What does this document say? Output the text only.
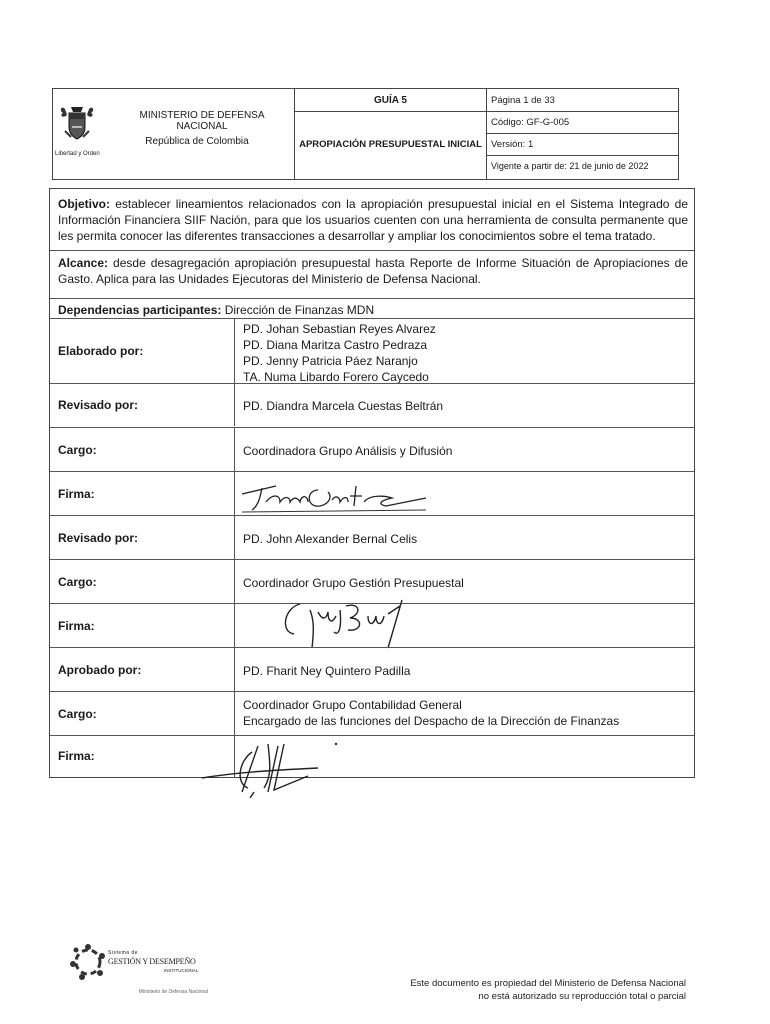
Libertad y Orden
MINISTERIO DE DEFENSA NACIONAL
República de Colombia
GUÍA 5
APROPIACIÓN PRESUPUESTAL INICIAL
Página 1 de 33
Código: GF-G-005
Versión: 1
Vigente a partir de: 21 de junio de 2022
Objetivo: establecer lineamientos relacionados con la apropiación presupuestal inicial en el Sistema Integrado de Información Financiera SIIF Nación, para que los usuarios cuenten con una herramienta de consulta permanente que les permita conocer las diferentes transacciones a desarrollar y ampliar los conocimientos sobre el tema tratado.
Alcance: desde desagregación apropiación presupuestal hasta Reporte de Informe Situación de Apropiaciones de Gasto. Aplica para las Unidades Ejecutoras del Ministerio de Defensa Nacional.
Dependencias participantes: Dirección de Finanzas MDN
Elaborado por:
PD. Johan Sebastian Reyes Alvarez
PD. Diana Maritza Castro Pedraza
PD. Jenny Patricia Páez Naranjo
TA. Numa Libardo Forero Caycedo
Revisado por:	PD. Diandra Marcela Cuestas Beltrán
Cargo:	Coordinadora Grupo Análisis y Difusión
Firma:
Revisado por:	PD. John Alexander Bernal Celis
Cargo:	Coordinador Grupo Gestión Presupuestal
Firma:
Aprobado por:	PD. Fharit Ney Quintero Padilla
Cargo:
Coordinador Grupo Contabilidad General
Encargado de las funciones del Despacho de la Dirección de Finanzas
Firma:
Sistema de
GESTIÓN Y DESEMPEÑO
INSTITUCIONAL
Ministerio de Defensa Nacional
Este documento es propiedad del Ministerio de Defensa Nacional
no está autorizado su reproducción total o parcial
